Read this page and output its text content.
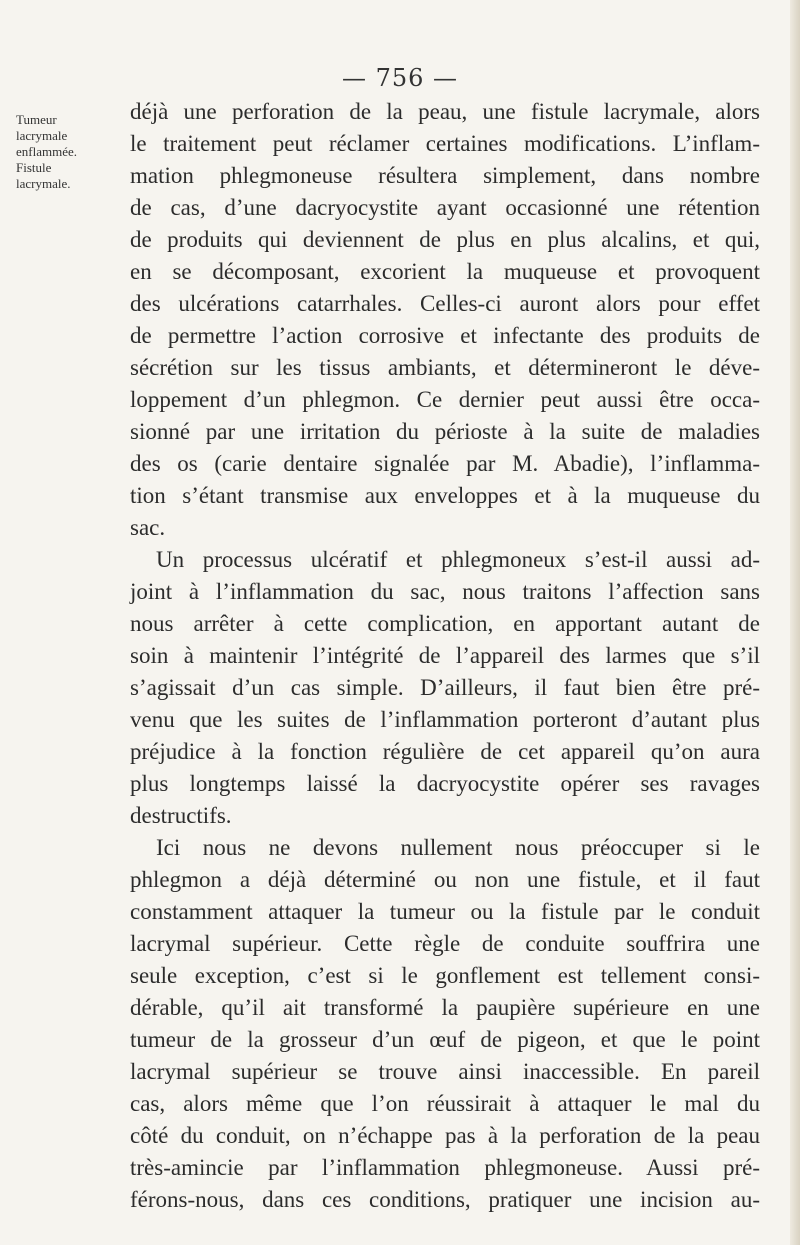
— 756 —
Tumeur
lacrymale
enflammée.
Fistule
lacrymale.

déjà une perforation de la peau, une fistule lacrymale, alors
le traitement peut réclamer certaines modifications. L’inflam-
mation phlegmoneuse résultera simplement, dans nombre
de cas, d’une dacryocystite ayant occasionné une rétention
de produits qui deviennent de plus en plus alcalins, et qui,
en se décomposant, excorient la muqueuse et provoquent
des ulcérations catarrhales. Celles-ci auront alors pour effet
de permettre l’action corrosive et infectante des produits de
sécrétion sur les tissus ambiants, et détermineront le déve-
loppement d’un phlegmon. Ce dernier peut aussi être occa-
sionné par une irritation du périoste à la suite de maladies
des os (carie dentaire signalée par M. Abadie), l’inflamma-
tion s’étant transmise aux enveloppes et à la muqueuse du
sac.

Un processus ulcératif et phlegmoneux s’est-il aussi ad-
joint à l’inflammation du sac, nous traitons l’affection sans
nous arrêter à cette complication, en apportant autant de
soin à maintenir l’intégrité de l’appareil des larmes que s’il
s’agissait d’un cas simple. D’ailleurs, il faut bien être pré-
venu que les suites de l’inflammation porteront d’autant plus
préjudice à la fonction régulière de cet appareil qu’on aura
plus longtemps laissé la dacryocystite opérer ses ravages
destructifs.

Ici nous ne devons nullement nous préoccuper si le
phlegmon a déjà déterminé ou non une fistule, et il faut
constamment attaquer la tumeur ou la fistule par le conduit
lacrymal supérieur. Cette règle de conduite souffrira une
seule exception, c’est si le gonflement est tellement consi-
dérable, qu’il ait transformé la paupière supérieure en une
tumeur de la grosseur d’un œuf de pigeon, et que le point
lacrymal supérieur se trouve ainsi inaccessible. En pareil
cas, alors même que l’on réussirait à attaquer le mal du
côté du conduit, on n’échappe pas à la perforation de la peau
très-amincie par l’inflammation phlegmoneuse. Aussi pré-
férons-nous, dans ces conditions, pratiquer une incision au-
